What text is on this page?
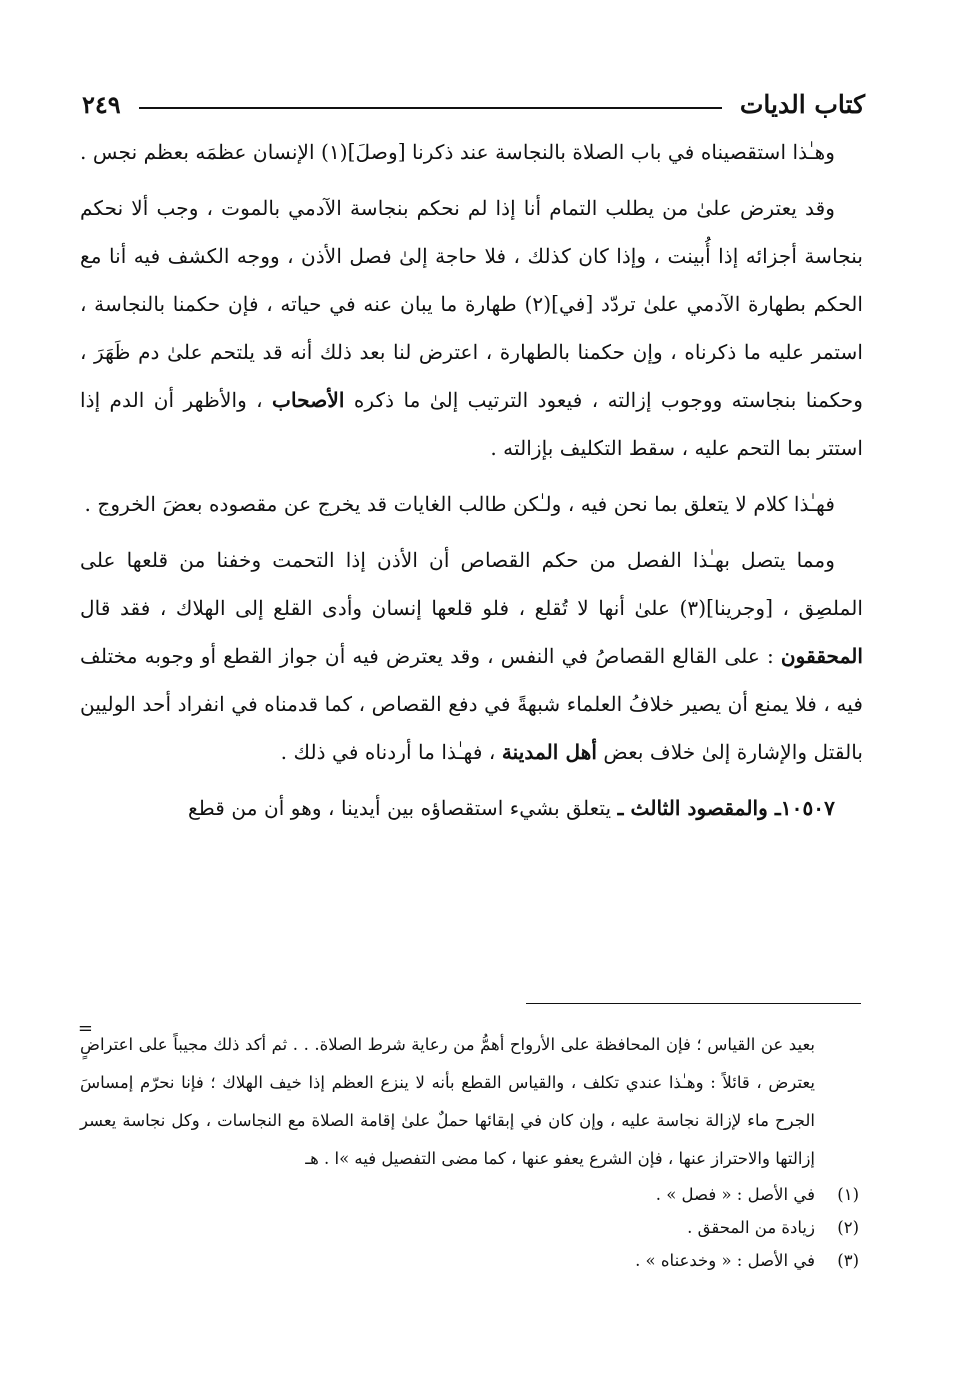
كتاب الديات
٢٤٩

وهـٰذا استقصيناه في باب الصلاة بالنجاسة عند ذكرنا [وصلَ](١) الإنسان عظمَه بعظم نجس .

وقد يعترض علىٰ من يطلب التمام أنا إذا لم نحكم بنجاسة الآدمي بالموت ، وجب ألا نحكم بنجاسة أجزائه إذا أُبينت ، وإذا كان كذلك ، فلا حاجة إلىٰ فصل الأذن ، ووجه الكشف فيه أنا مع الحكم بطهارة الآدمي علىٰ تردّد [في](٢) طهارة ما يبان عنه في حياته ، فإن حكمنا بالنجاسة ، استمر عليه ما ذكرناه ، وإن حكمنا بالطهارة ، اعترض لنا بعد ذلك أنه قد يلتحم علىٰ دم ظَهَرَ ، وحكمنا بنجاسته ووجوب إزالته ، فيعود الترتيب إلىٰ ما ذكره الأصحاب ، والأظهر أن الدم إذا استتر بما التحم عليه ، سقط التكليف بإزالته .

فهـٰذا كلام لا يتعلق بما نحن فيه ، ولـٰكن طالب الغايات قد يخرج عن مقصوده بعضَ الخروج .

ومما يتصل بهـٰذا الفصل من حكم القصاص أن الأذن إذا التحمت وخفنا من قلعها على الملصِق ، [وجرينا](٣) علىٰ أنها لا تُقلع ، فلو قلعها إنسان وأدى القلع إلى الهلاك ، فقد قال المحققون : على القالع القصاصُ في النفس ، وقد يعترض فيه أن جواز القطع أو وجوبه مختلف فيه ، فلا يمنع أن يصير خلافُ العلماء شبهةً في دفع القصاص ، كما قدمناه في انفراد أحد الوليين بالقتل والإشارة إلىٰ خلاف بعض أهل المدينة ، فهـٰذا ما أردناه في ذلك .

١٠٥٠٧ـ والمقصود الثالث ـ يتعلق بشيء استقصاؤه بين أيدينا ، وهو أن من قطع

=

بعيد عن القياس ؛ فإن المحافظة على الأرواح أهمُّ من رعاية شرط الصلاة. . . ثم أكد ذلك مجيباً على اعتراضٍ يعترض ، قائلاً : وهـٰذا عندي تكلف ، والقياس القطع بأنه لا ينزع العظم إذا خيف الهلاك ؛ فإنا نحرّم إمساسَ الجرح ماء لإزالة نجاسة عليه ، وإن كان في إبقائها حملٌ علىٰ إقامة الصلاة مع النجاسات ، وكل نجاسة يعسر إزالتها والاحتراز عنها ، فإن الشرع يعفو عنها ، كما مضى التفصيل فيه »ا . هـ

(١)
في الأصل : « فصل » .
(٢)
زيادة من المحقق .
(٣)
في الأصل : « وخدعناه » .
